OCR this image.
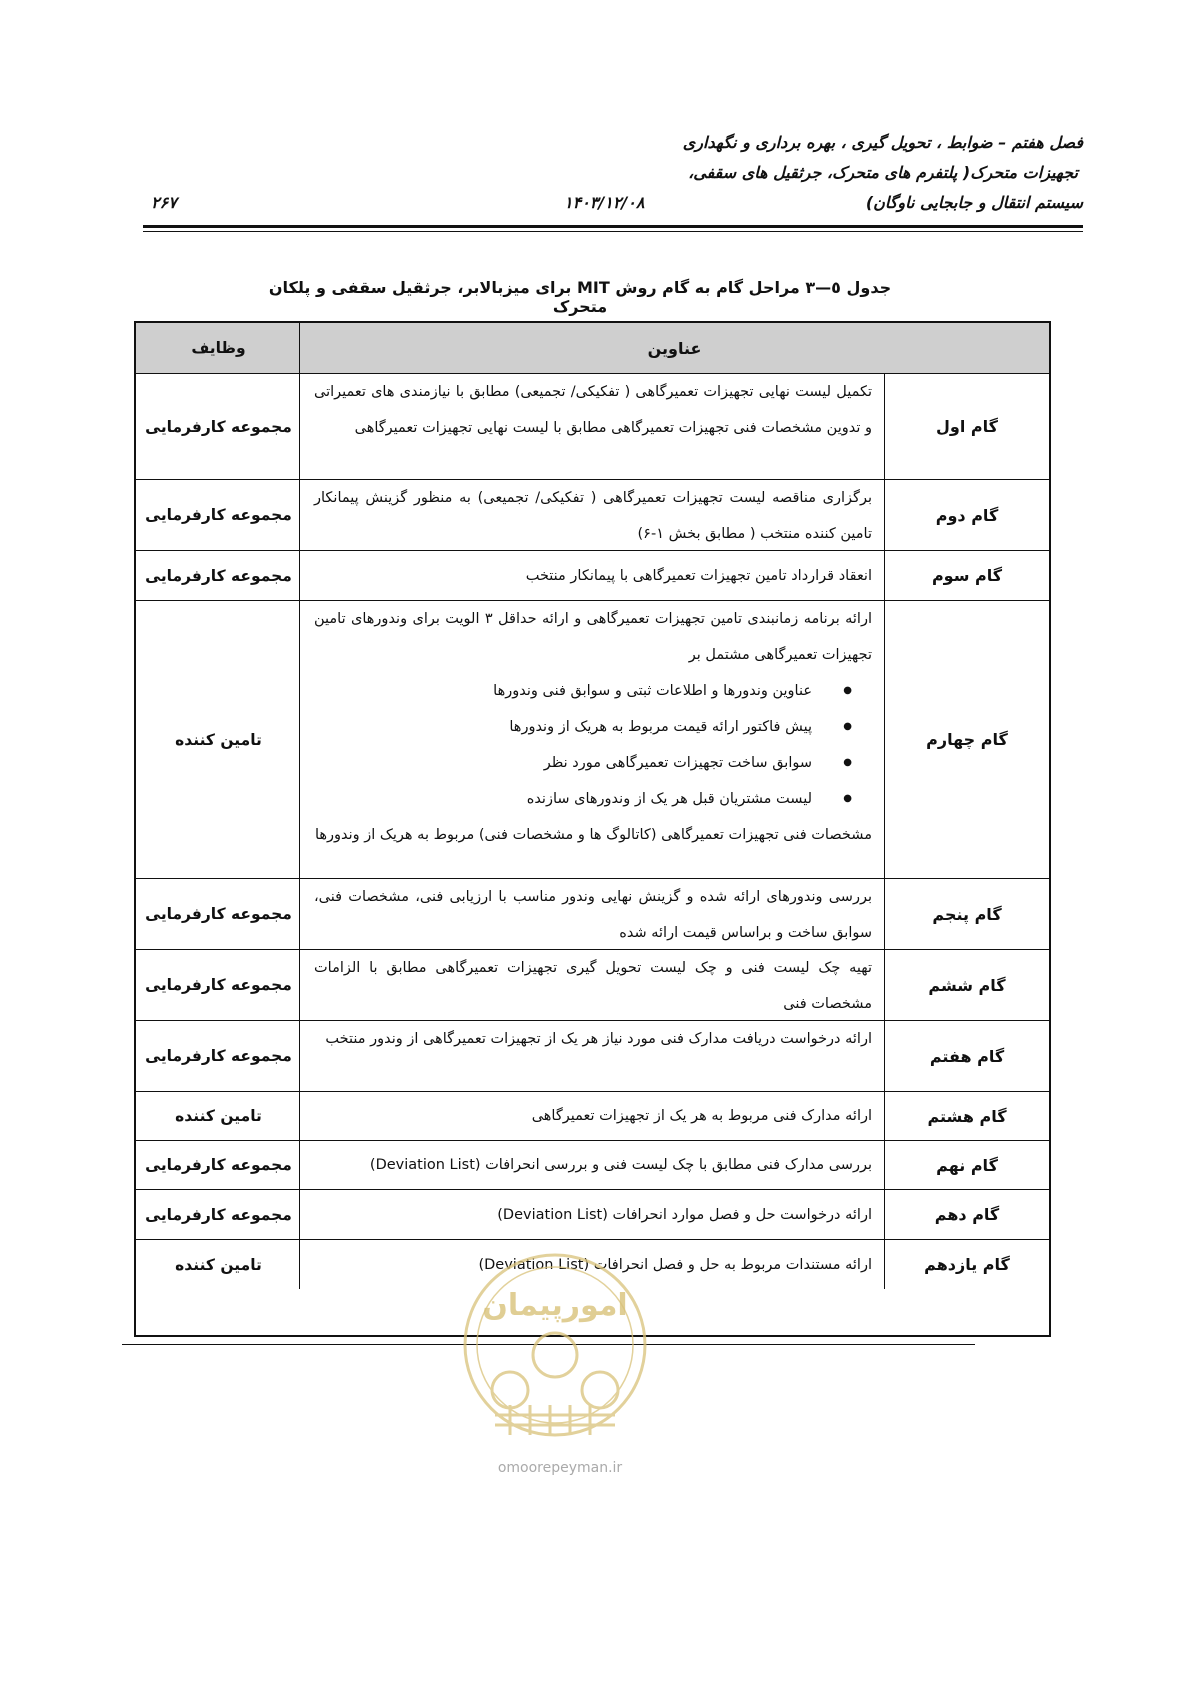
فصل هفتم – ضوابط ، تحویل گیری ، بهره برداری و نگهداری
تجهیزات متحرک( پلتفرم های متحرک، جرثقیل های سقفی،
سیستم انتقال و جابجایی ناوگان)
۱۴۰۳/۱۲/۰۸
۲۶۷
جدول ٥—٣ مراحل گام به گام روش MIT برای میزبالابر، جرثقیل سقفی و پلکان متحرک
عناوین
وظایف
گام اول
تکمیل لیست نهایی تجهیزات تعمیرگاهی ( تفکیکی/ تجمیعی) مطابق با نیازمندی های تعمیراتی و تدوین مشخصات فنی تجهیزات تعمیرگاهی مطابق با لیست نهایی تجهیزات تعمیرگاهی
مجموعه کارفرمایی
گام دوم
برگزاری مناقصه لیست تجهیزات تعمیرگاهی ( تفکیکی/ تجمیعی) به منظور گزینش پیمانکار تامین کننده منتخب ( مطابق بخش ۱-۶)
مجموعه کارفرمایی
گام سوم
انعقاد قرارداد تامین تجهیزات تعمیرگاهی با پیمانکار منتخب
مجموعه کارفرمایی
گام چهارم
ارائه برنامه زمانبندی تامین تجهیزات تعمیرگاهی و ارائه حداقل ۳ الویت برای وندورهای تامین تجهیزات تعمیرگاهی مشتمل بر
● عناوین وندورها و اطلاعات ثبتی و سوابق فنی وندورها
● پیش فاکتور ارائه قیمت مربوط به هریک از وندورها
● سوابق ساخت تجهیزات تعمیرگاهی مورد نظر
● لیست مشتریان قبل هر یک از وندورهای سازنده
مشخصات فنی تجهیزات تعمیرگاهی (کاتالوگ ها و مشخصات فنی) مربوط به هریک از وندورها
تامین کننده
گام پنجم
بررسی وندورهای ارائه شده و گزینش نهایی وندور مناسب با ارزیابی فنی، مشخصات فنی، سوابق ساخت و براساس قیمت ارائه شده
مجموعه کارفرمایی
گام ششم
تهیه چک لیست فنی و چک لیست تحویل گیری تجهیزات تعمیرگاهی مطابق با الزامات مشخصات فنی
مجموعه کارفرمایی
گام هفتم
ارائه درخواست دریافت مدارک فنی مورد نیاز هر یک از تجهیزات تعمیرگاهی از وندور منتخب
مجموعه کارفرمایی
گام هشتم
ارائه مدارک فنی مربوط به هر یک از تجهیزات تعمیرگاهی
تامین کننده
گام نهم
بررسی مدارک فنی مطابق با چک لیست فنی و بررسی انحرافات (Deviation List)
مجموعه کارفرمایی
گام دهم
ارائه درخواست حل و فصل موارد انحرافات (Deviation List)
مجموعه کارفرمایی
گام یازدهم
ارائه مستندات مربوط به حل و فصل انحرافات (Deviation List)
تامین کننده
امورپیمان
omoorepeyman.ir
